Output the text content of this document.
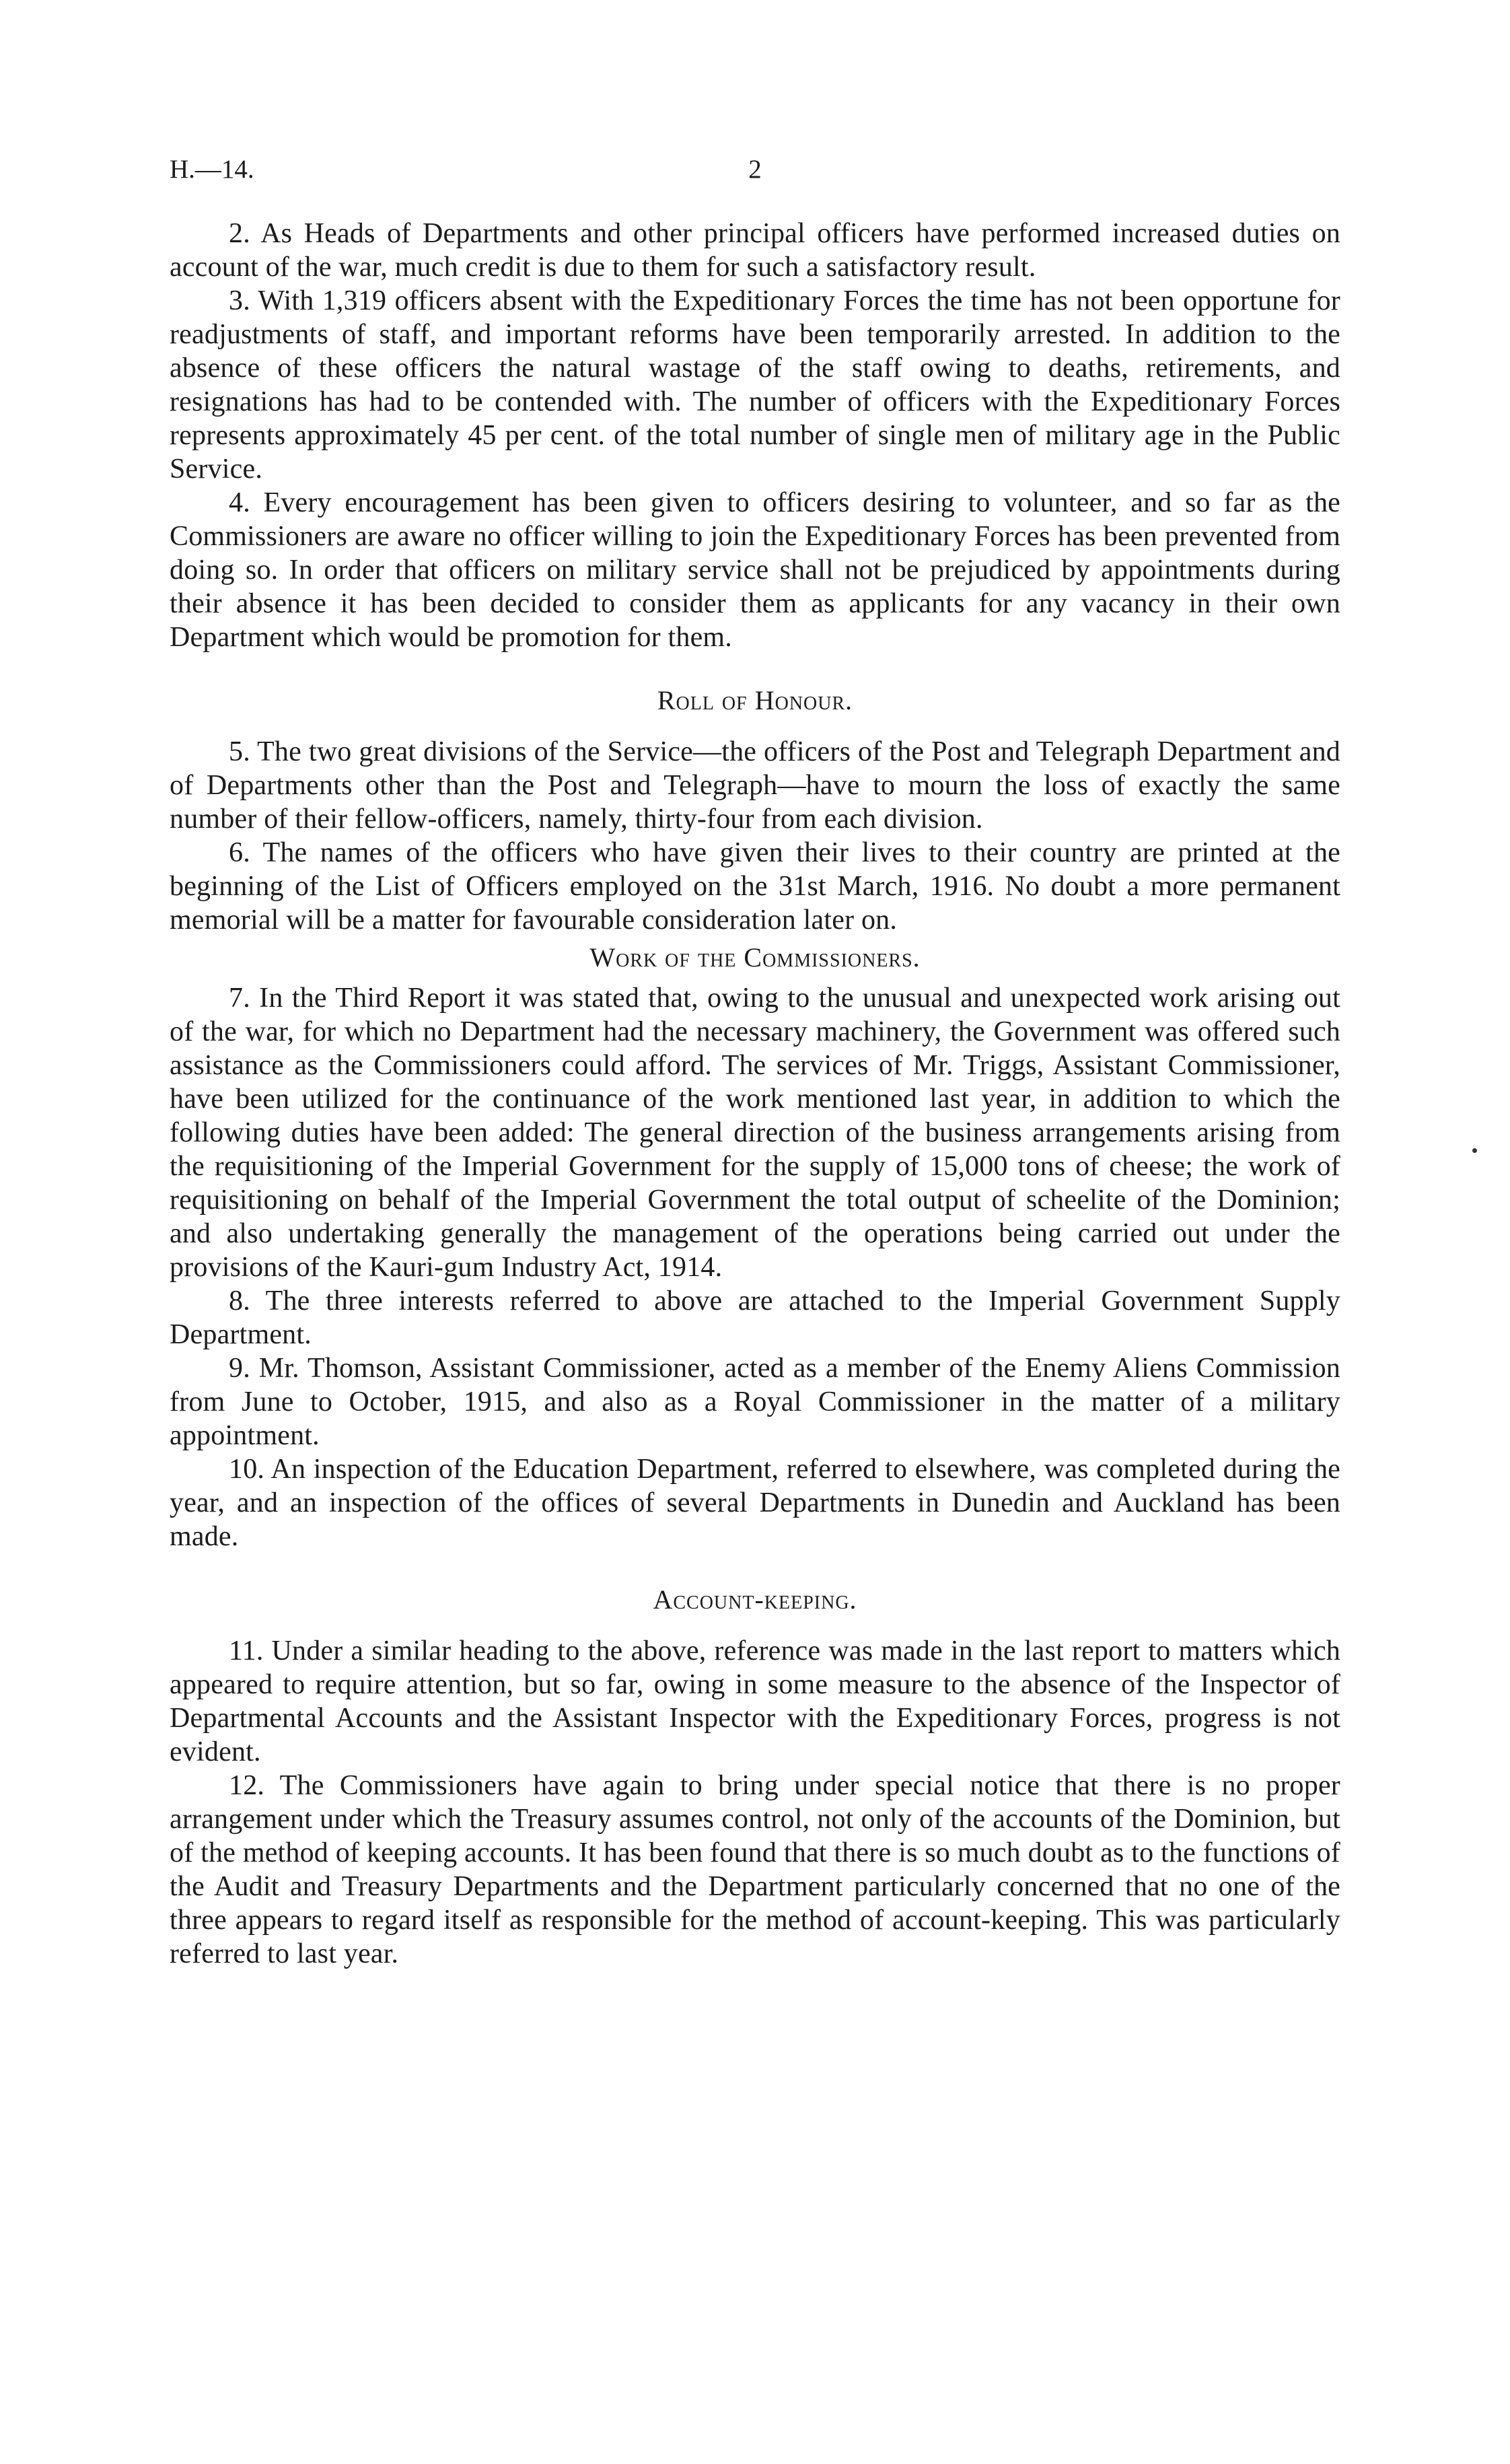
H.—14.	2

2. As Heads of Departments and other principal officers have performed increased duties on account of the war, much credit is due to them for such a satisfactory result.

3. With 1,319 officers absent with the Expeditionary Forces the time has not been opportune for readjustments of staff, and important reforms have been temporarily arrested. In addition to the absence of these officers the natural wastage of the staff owing to deaths, retirements, and resignations has had to be contended with. The number of officers with the Expeditionary Forces represents approximately 45 per cent. of the total number of single men of military age in the Public Service.

4. Every encouragement has been given to officers desiring to volunteer, and so far as the Commissioners are aware no officer willing to join the Expeditionary Forces has been prevented from doing so. In order that officers on military service shall not be prejudiced by appointments during their absence it has been decided to consider them as applicants for any vacancy in their own Department which would be promotion for them.

Roll of Honour.

5. The two great divisions of the Service—the officers of the Post and Telegraph Department and of Departments other than the Post and Telegraph—have to mourn the loss of exactly the same number of their fellow-officers, namely, thirty-four from each division.

6. The names of the officers who have given their lives to their country are printed at the beginning of the List of Officers employed on the 31st March, 1916. No doubt a more permanent memorial will be a matter for favourable consideration later on.

Work of the Commissioners.

7. In the Third Report it was stated that, owing to the unusual and unexpected work arising out of the war, for which no Department had the necessary machinery, the Government was offered such assistance as the Commissioners could afford. The services of Mr. Triggs, Assistant Commissioner, have been utilized for the continuance of the work mentioned last year, in addition to which the following duties have been added: The general direction of the business arrangements arising from the requisitioning of the Imperial Government for the supply of 15,000 tons of cheese; the work of requisitioning on behalf of the Imperial Government the total output of scheelite of the Dominion; and also undertaking generally the management of the operations being carried out under the provisions of the Kauri-gum Industry Act, 1914.

8. The three interests referred to above are attached to the Imperial Government Supply Department.

9. Mr. Thomson, Assistant Commissioner, acted as a member of the Enemy Aliens Commission from June to October, 1915, and also as a Royal Commissioner in the matter of a military appointment.

10. An inspection of the Education Department, referred to elsewhere, was completed during the year, and an inspection of the offices of several Departments in Dunedin and Auckland has been made.

Account-keeping.

11. Under a similar heading to the above, reference was made in the last report to matters which appeared to require attention, but so far, owing in some measure to the absence of the Inspector of Departmental Accounts and the Assistant Inspector with the Expeditionary Forces, progress is not evident.

12. The Commissioners have again to bring under special notice that there is no proper arrangement under which the Treasury assumes control, not only of the accounts of the Dominion, but of the method of keeping accounts. It has been found that there is so much doubt as to the functions of the Audit and Treasury Departments and the Department particularly concerned that no one of the three appears to regard itself as responsible for the method of account-keeping. This was particularly referred to last year.
